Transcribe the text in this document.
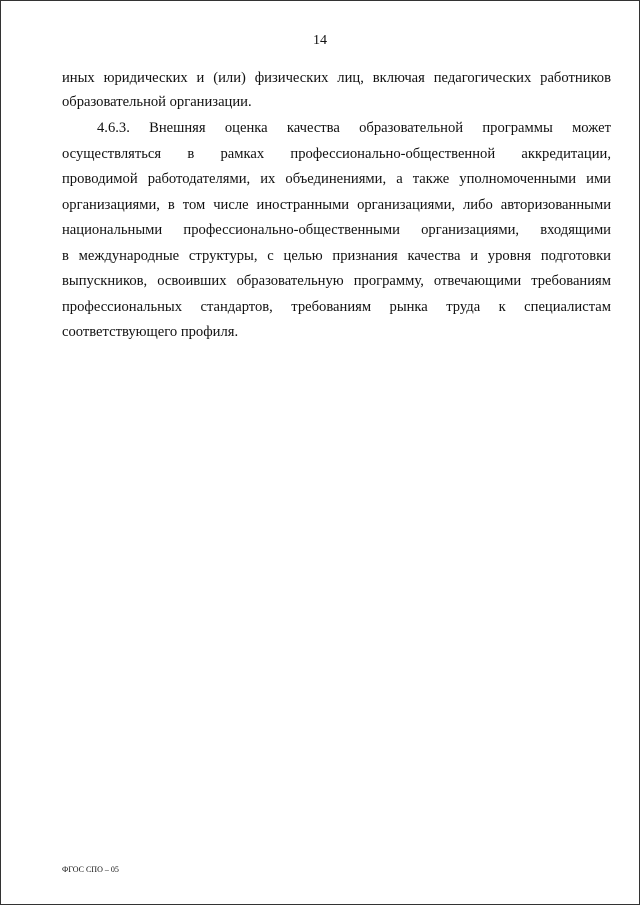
14
иных юридических и (или) физических лиц, включая педагогических работников
образовательной организации.
4.6.3. Внешняя оценка качества образовательной программы может
осуществляться в рамках профессионально-общественной аккредитации,
проводимой работодателями, их объединениями, а также уполномоченными ими
организациями, в том числе иностранными организациями, либо авторизованными
национальными профессионально-общественными организациями, входящими
в международные структуры, с целью признания качества и уровня подготовки
выпускников, освоивших образовательную программу, отвечающими требованиям
профессиональных стандартов, требованиям рынка труда к специалистам
соответствующего профиля.
ФГОС СПО – 05
